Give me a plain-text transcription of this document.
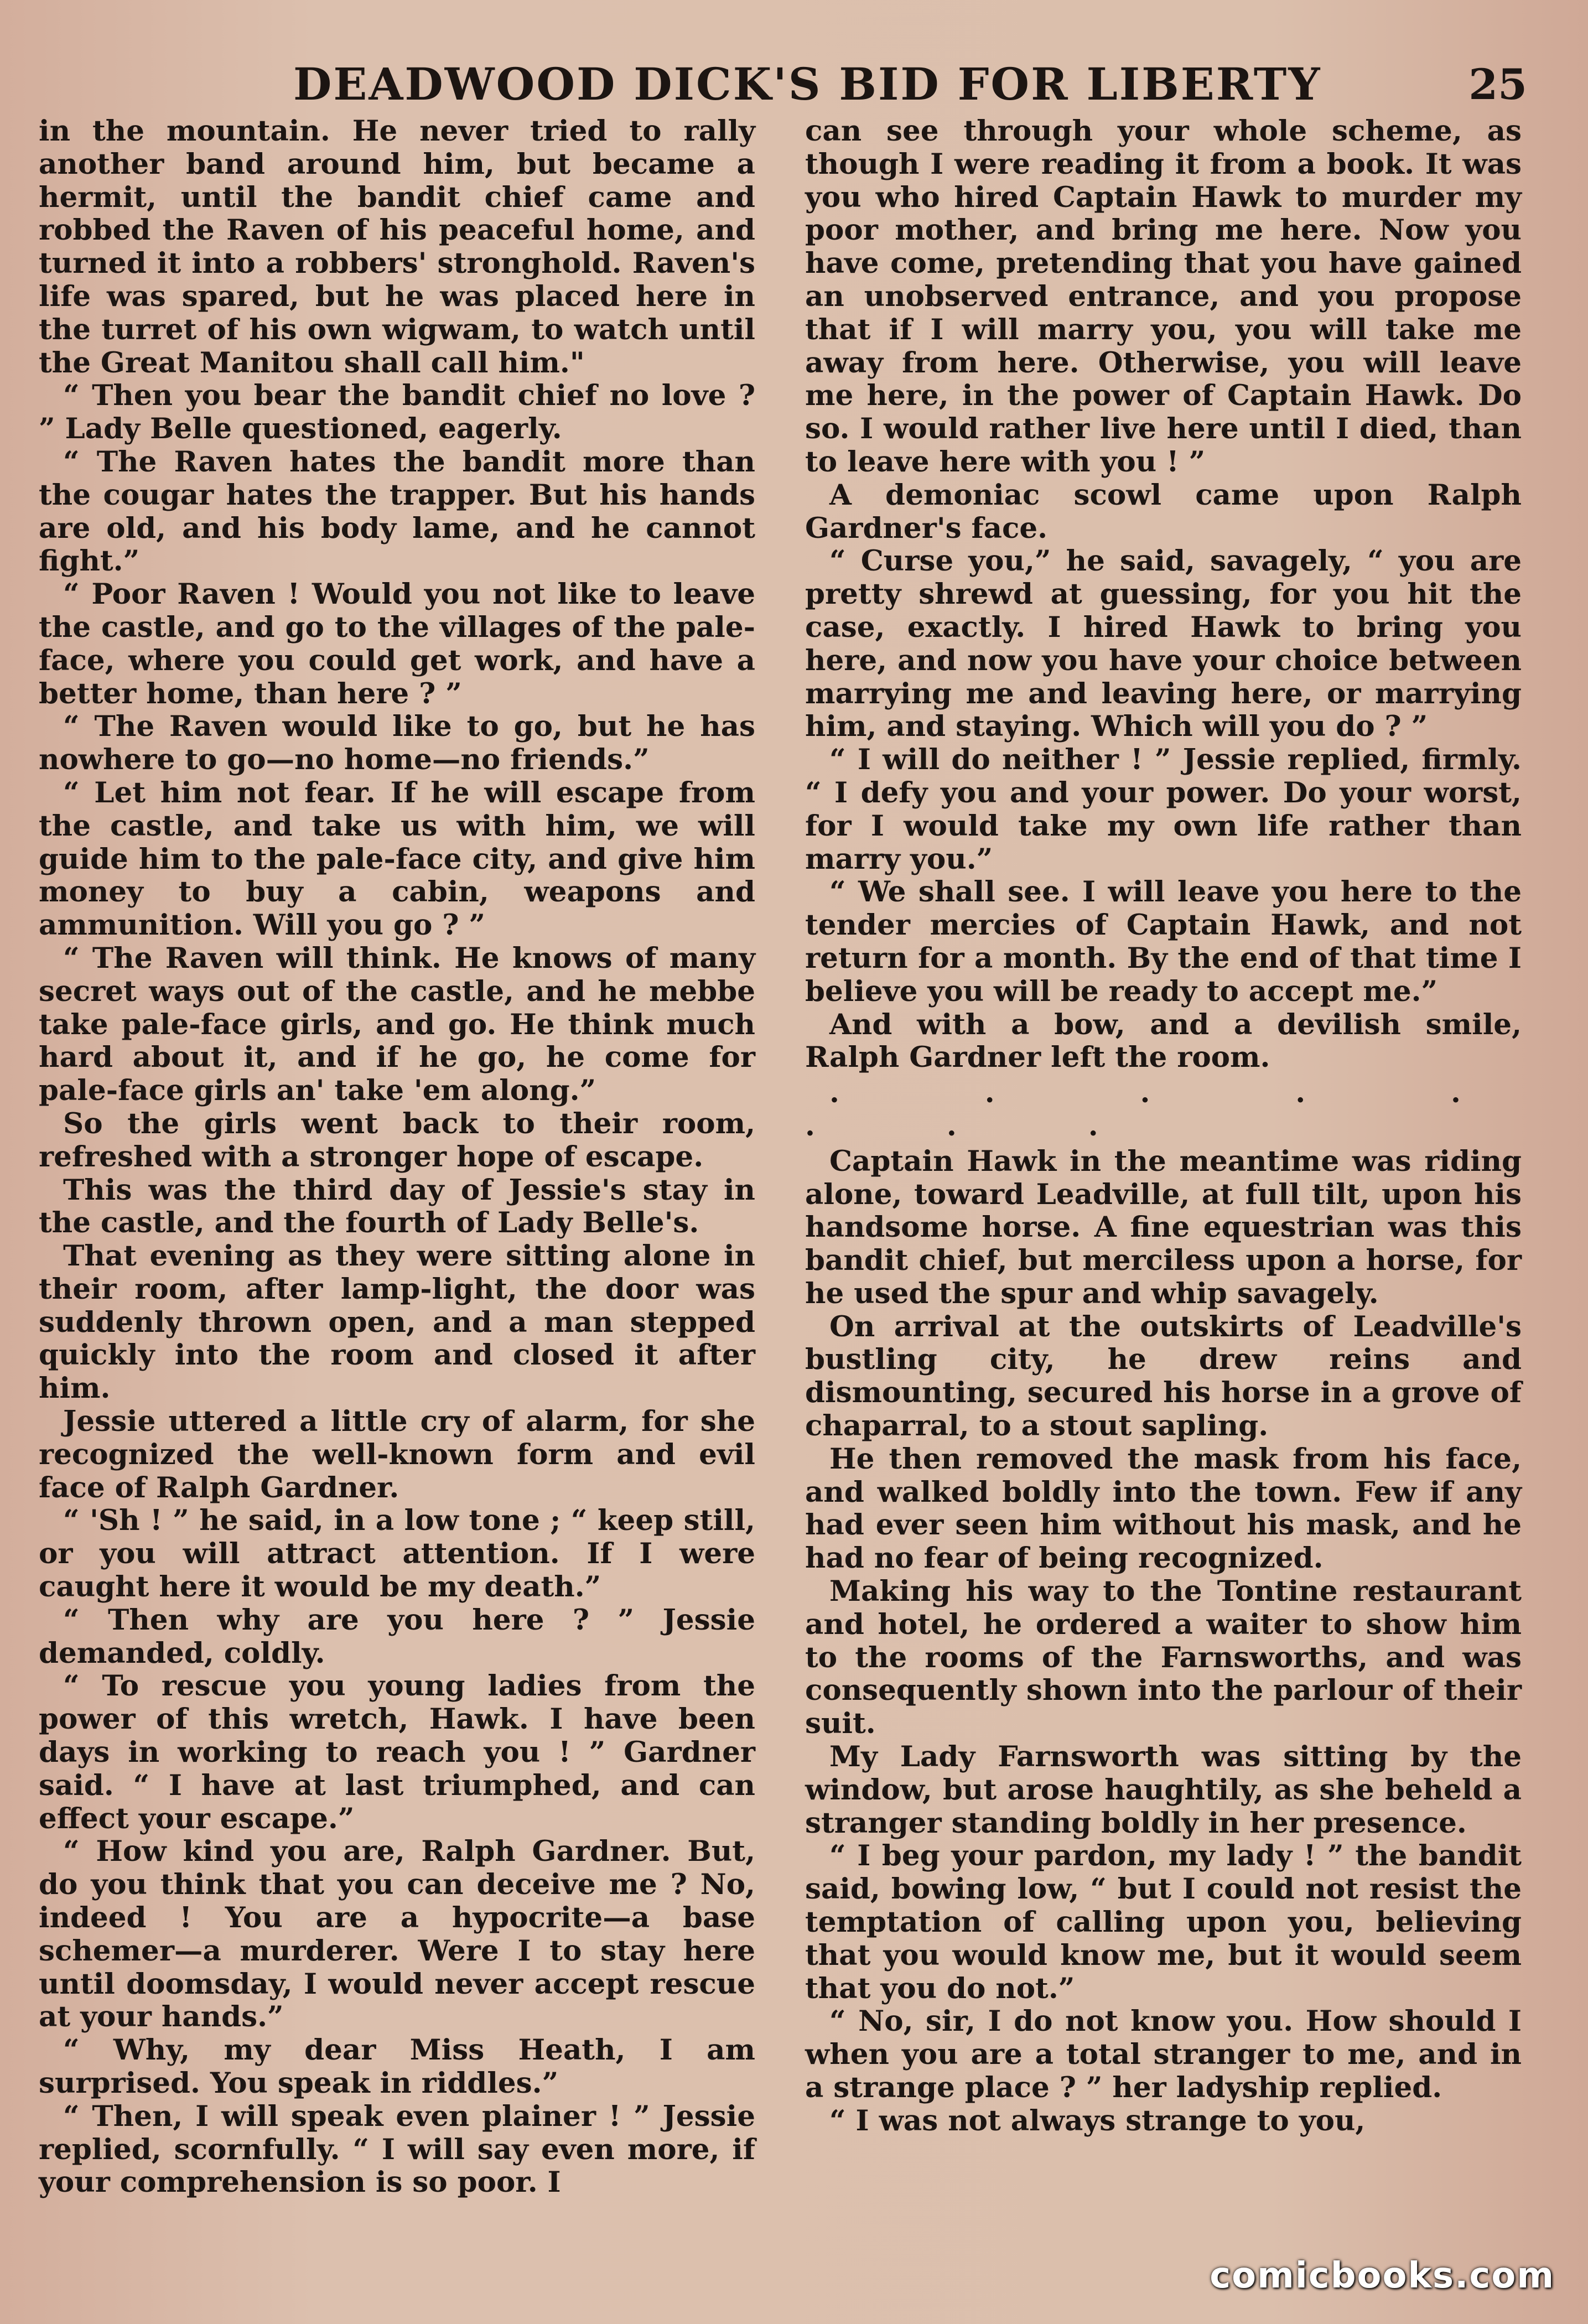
DEADWOOD DICK'S BID FOR LIBERTY	25

in the mountain. He never tried to rally another band around him, but became a hermit, until the bandit chief came and robbed the Raven of his peaceful home, and turned it into a robbers' stronghold. Raven's life was spared, but he was placed here in the turret of his own wigwam, to watch until the Great Manitou shall call him."

“ Then you bear the bandit chief no love ? ” Lady Belle questioned, eagerly.

“ The Raven hates the bandit more than the cougar hates the trapper. But his hands are old, and his body lame, and he cannot fight.”

“ Poor Raven ! Would you not like to leave the castle, and go to the villages of the pale-face, where you could get work, and have a better home, than here ? ”

“ The Raven would like to go, but he has nowhere to go—no home—no friends.”

“ Let him not fear. If he will escape from the castle, and take us with him, we will guide him to the pale-face city, and give him money to buy a cabin, weapons and ammunition. Will you go ? ”

“ The Raven will think. He knows of many secret ways out of the castle, and he mebbe take pale-face girls, and go. He think much hard about it, and if he go, he come for pale-face girls an' take 'em along.”

So the girls went back to their room, refreshed with a stronger hope of escape.

This was the third day of Jessie's stay in the castle, and the fourth of Lady Belle's.

That evening as they were sitting alone in their room, after lamp-light, the door was suddenly thrown open, and a man stepped quickly into the room and closed it after him.

Jessie uttered a little cry of alarm, for she recognized the well-known form and evil face of Ralph Gardner.

“ 'Sh ! ” he said, in a low tone ; “ keep still, or you will attract attention. If I were caught here it would be my death.”

“ Then why are you here ? ” Jessie demanded, coldly.

“ To rescue you young ladies from the power of this wretch, Hawk. I have been days in working to reach you ! ” Gardner said. “ I have at last triumphed, and can effect your escape.”

“ How kind you are, Ralph Gardner. But, do you think that you can deceive me ? No, indeed ! You are a hypocrite—a base schemer—a murderer. Were I to stay here until doomsday, I would never accept rescue at your hands.”

“ Why, my dear Miss Heath, I am surprised. You speak in riddles.”

“ Then, I will speak even plainer ! ” Jessie replied, scornfully. “ I will say even more, if your comprehension is so poor. I

can see through your whole scheme, as though I were reading it from a book. It was you who hired Captain Hawk to murder my poor mother, and bring me here. Now you have come, pretending that you have gained an unobserved entrance, and you propose that if I will marry you, you will take me away from here. Otherwise, you will leave me here, in the power of Captain Hawk. Do so. I would rather live here until I died, than to leave here with you ! ”

A demoniac scowl came upon Ralph Gardner's face.

“ Curse you,” he said, savagely, “ you are pretty shrewd at guessing, for you hit the case, exactly. I hired Hawk to bring you here, and now you have your choice between marrying me and leaving here, or marrying him, and staying. Which will you do ? ”

“ I will do neither ! ” Jessie replied, firmly. “ I defy you and your power. Do your worst, for I would take my own life rather than marry you.”

“ We shall see. I will leave you here to the tender mercies of Captain Hawk, and not return for a month. By the end of that time I believe you will be ready to accept me.”

And with a bow, and a devilish smile, Ralph Gardner left the room.

. . . . . . . .

Captain Hawk in the meantime was riding alone, toward Leadville, at full tilt, upon his handsome horse. A fine equestrian was this bandit chief, but merciless upon a horse, for he used the spur and whip savagely.

On arrival at the outskirts of Leadville's bustling city, he drew reins and dismounting, secured his horse in a grove of chaparral, to a stout sapling.

He then removed the mask from his face, and walked boldly into the town. Few if any had ever seen him without his mask, and he had no fear of being recognized.

Making his way to the Tontine restaurant and hotel, he ordered a waiter to show him to the rooms of the Farnsworths, and was consequently shown into the parlour of their suit.

My Lady Farnsworth was sitting by the window, but arose haughtily, as she beheld a stranger standing boldly in her presence.

“ I beg your pardon, my lady ! ” the bandit said, bowing low, “ but I could not resist the temptation of calling upon you, believing that you would know me, but it would seem that you do not.”

“ No, sir, I do not know you. How should I when you are a total stranger to me, and in a strange place ? ” her ladyship replied.

“ I was not always strange to you,

comicbooks.com
